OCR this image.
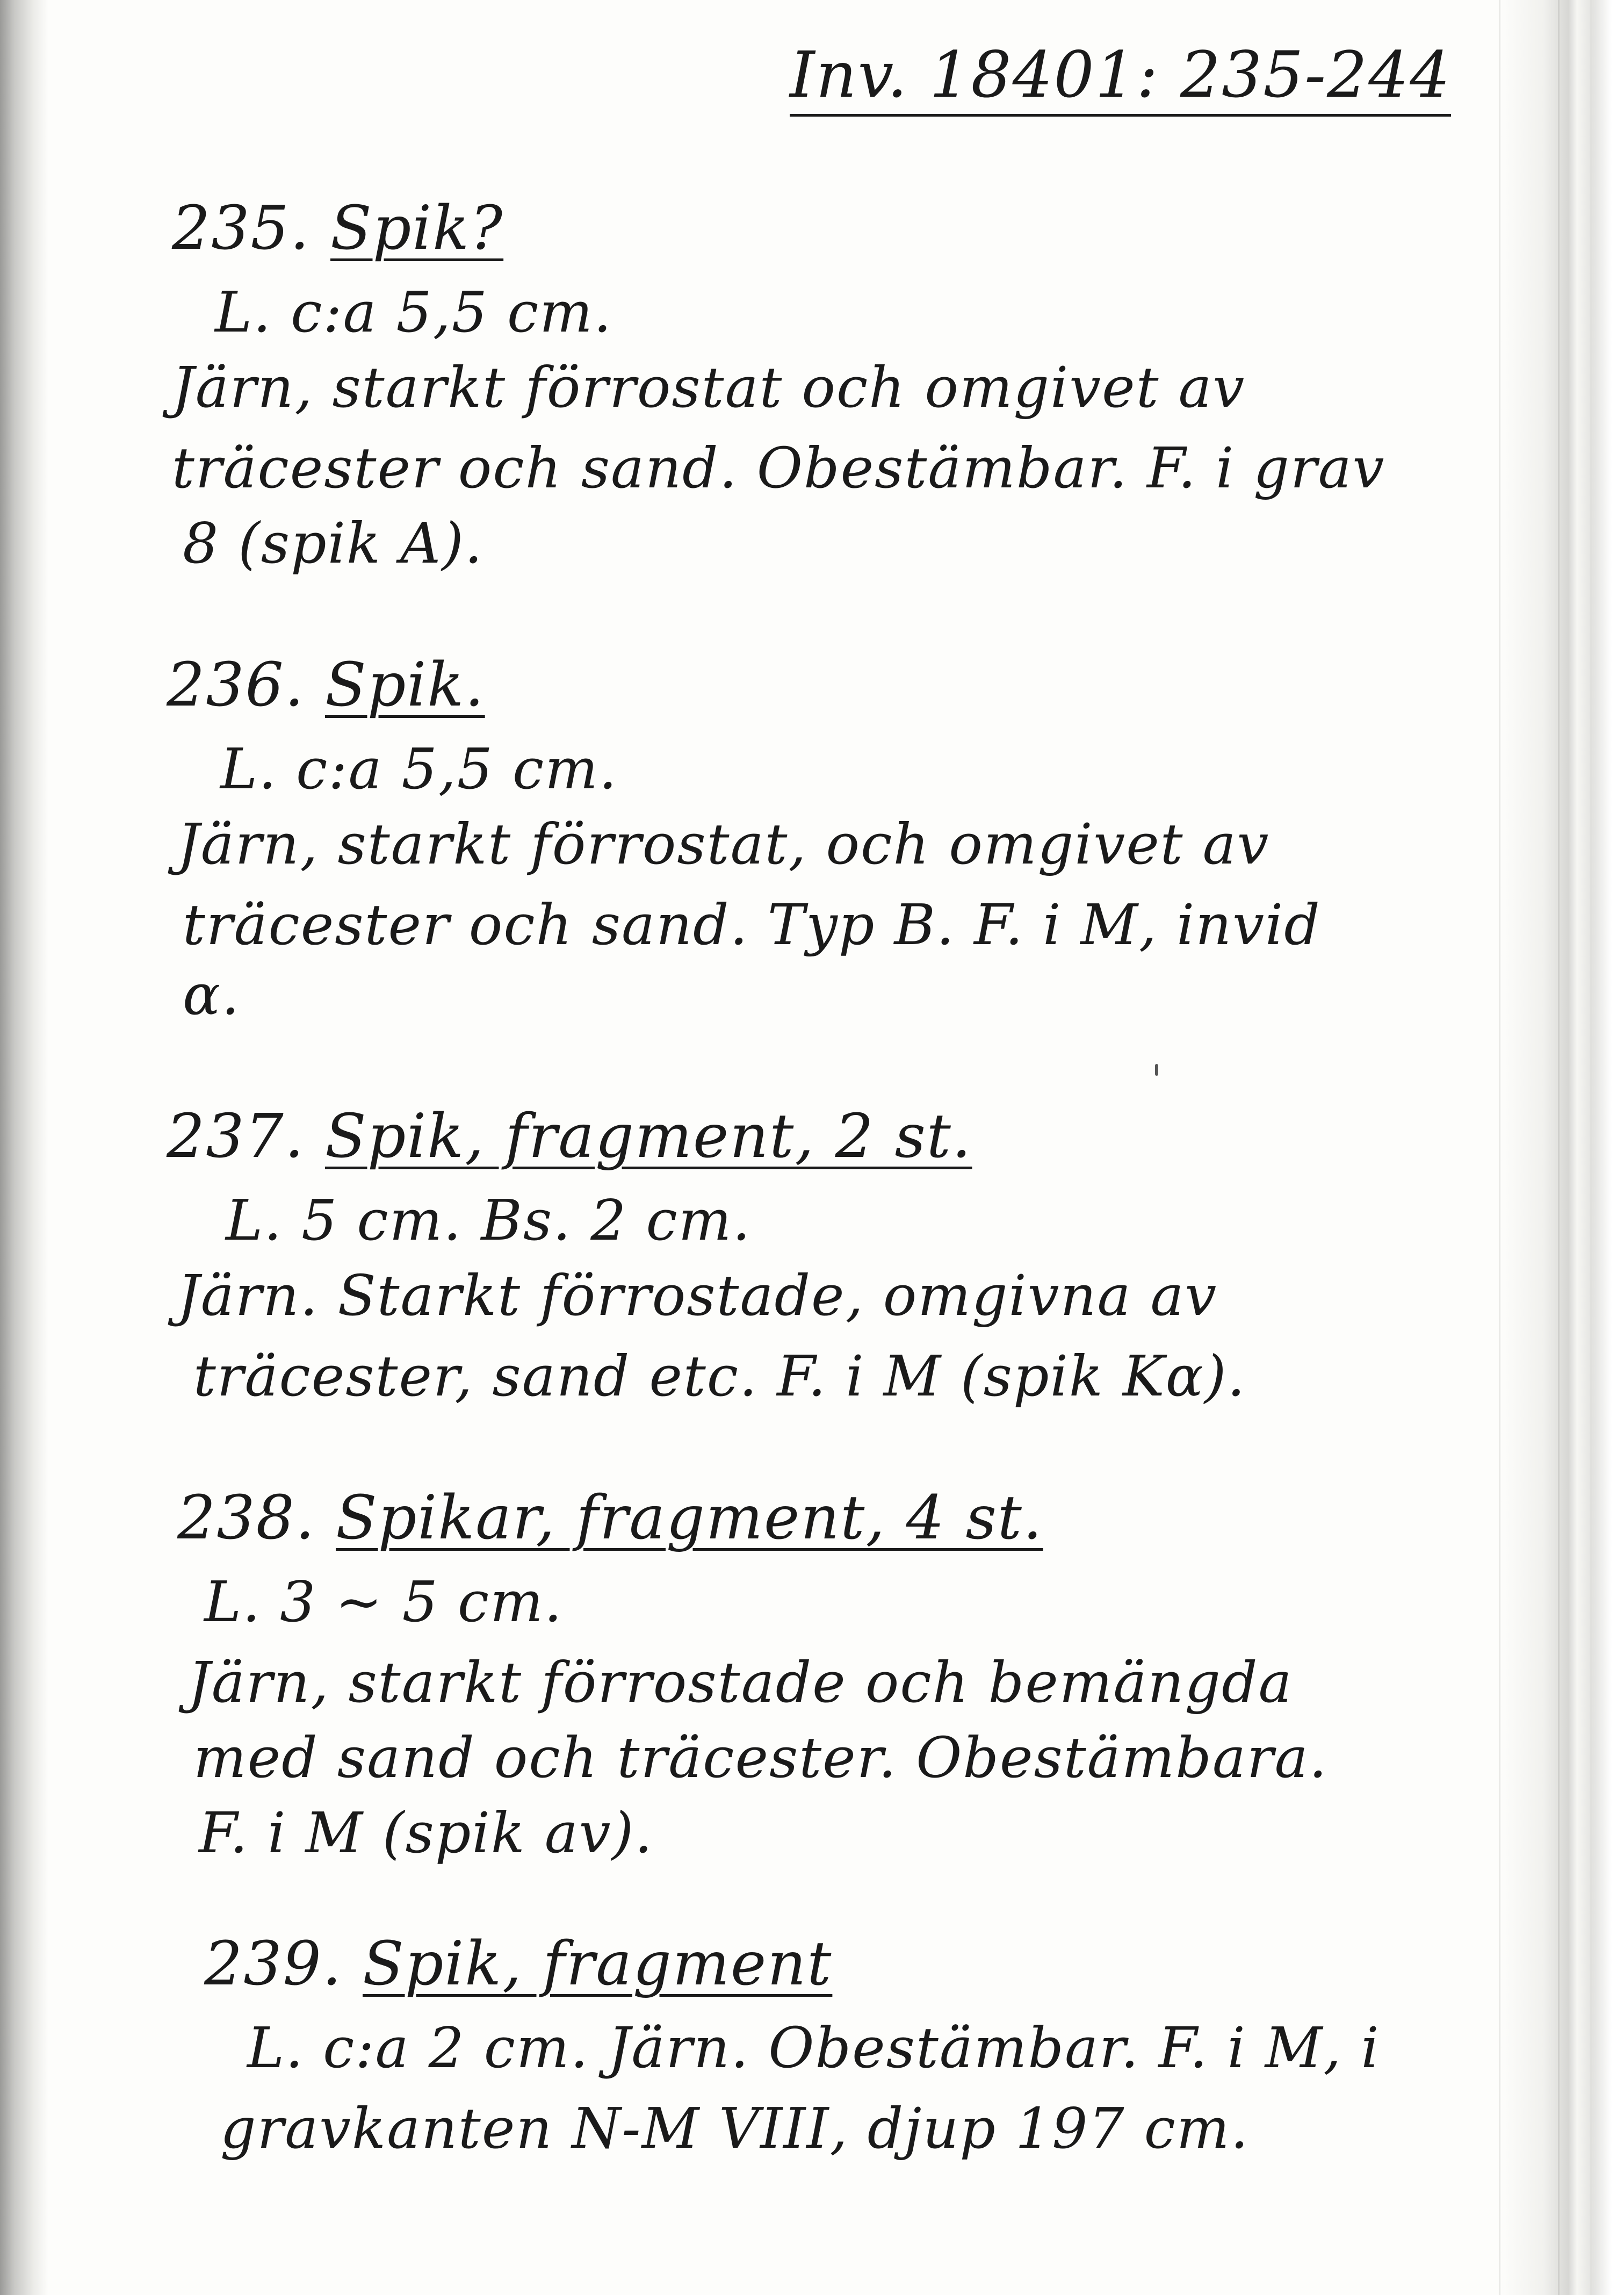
Inv. 18401: 235-244
235. Spik?
L. c:a 5,5 cm.
Järn, starkt förrostat och omgivet av
träcester och sand. Obestämbar. F. i grav
8 (spik A).
236. Spik.
L. c:a 5,5 cm.
Järn, starkt förrostat, och omgivet av
träcester och sand. Typ B. F. i M, invid
α.
237. Spik, fragment, 2 st.
L. 5 cm. Bs. 2 cm.
Järn. Starkt förrostade, omgivna av
träcester, sand etc. F. i M (spik Kα).
238. Spikar, fragment, 4 st.
L. 3 ~ 5 cm.
Järn, starkt förrostade och bemängda
med sand och träcester. Obestämbara.
F. i M (spik av).
239. Spik, fragment
L. c:a 2 cm. Järn. Obestämbar. F. i M, i
gravkanten N-M VIII, djup 197 cm.
